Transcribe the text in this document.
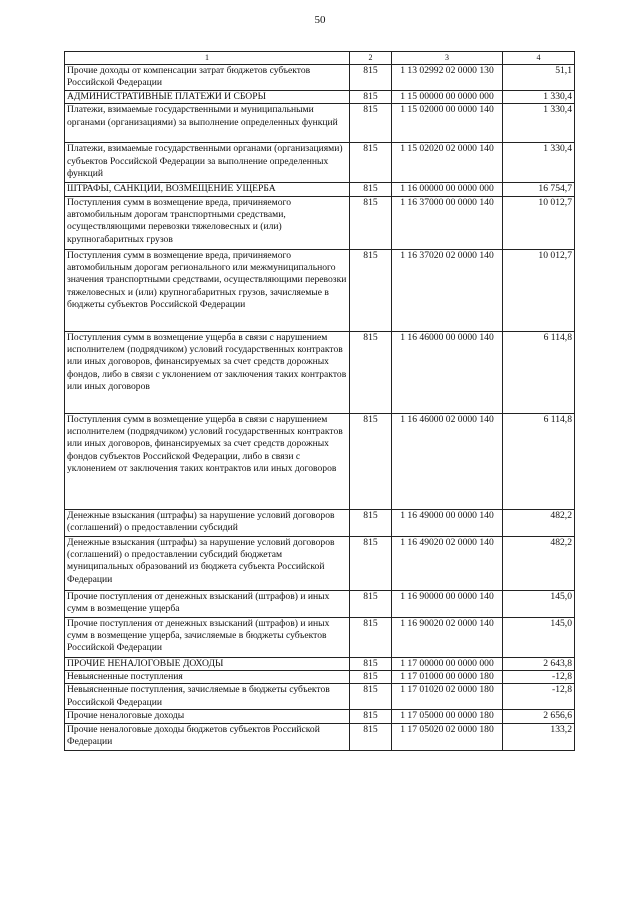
50
1	2	3	4
Прочие доходы от компенсации затрат бюджетов субъектов Российской Федерации	815	1 13 02992 02 0000 130	51,1
АДМИНИСТРАТИВНЫЕ ПЛАТЕЖИ И СБОРЫ	815	1 15 00000 00 0000 000	1 330,4
Платежи, взимаемые государственными и муниципальными органами (организациями) за выполнение определенных функций	815	1 15 02000 00 0000 140	1 330,4
Платежи, взимаемые государственными органами (организациями) субъектов Российской Федерации за выполнение определенных функций	815	1 15 02020 02 0000 140	1 330,4
ШТРАФЫ, САНКЦИИ, ВОЗМЕЩЕНИЕ УЩЕРБА	815	1 16 00000 00 0000 000	16 754,7
Поступления сумм в возмещение вреда, причиняемого автомобильным дорогам транспортными средствами, осуществляющими перевозки тяжеловесных и (или) крупногабаритных грузов	815	1 16 37000 00 0000 140	10 012,7
Поступления сумм в возмещение вреда, причиняемого автомобильным дорогам регионального или межмуниципального значения транспортными средствами, осуществляющими перевозки тяжеловесных и (или) крупногабаритных грузов, зачисляемые в бюджеты субъектов Российской Федерации	815	1 16 37020 02 0000 140	10 012,7
Поступления сумм в возмещение ущерба в связи с нарушением исполнителем (подрядчиком) условий государственных контрактов или иных договоров, финансируемых за счет средств дорожных фондов, либо в связи с уклонением от заключения таких контрактов или иных договоров	815	1 16 46000 00 0000 140	6 114,8
Поступления сумм в возмещение ущерба в связи с нарушением исполнителем (подрядчиком) условий государственных контрактов или иных договоров, финансируемых за счет средств дорожных фондов субъектов Российской Федерации, либо в связи с уклонением от заключения таких контрактов или иных договоров	815	1 16 46000 02 0000 140	6 114,8
Денежные взыскания (штрафы) за нарушение условий договоров (соглашений) о предоставлении субсидий	815	1 16 49000 00 0000 140	482,2
Денежные взыскания (штрафы) за нарушение условий договоров (соглашений) о предоставлении субсидий бюджетам муниципальных образований из бюджета субъекта Российской Федерации	815	1 16 49020 02 0000 140	482,2
Прочие поступления от денежных взысканий (штрафов) и иных сумм в возмещение ущерба	815	1 16 90000 00 0000 140	145,0
Прочие поступления от денежных взысканий (штрафов) и иных сумм в возмещение ущерба, зачисляемые в бюджеты субъектов Российской Федерации	815	1 16 90020 02 0000 140	145,0
ПРОЧИЕ НЕНАЛОГОВЫЕ ДОХОДЫ	815	1 17 00000 00 0000 000	2 643,8
Невыясненные поступления	815	1 17 01000 00 0000 180	-12,8
Невыясненные поступления, зачисляемые в бюджеты субъектов Российской Федерации	815	1 17 01020 02 0000 180	-12,8
Прочие неналоговые доходы	815	1 17 05000 00 0000 180	2 656,6
Прочие неналоговые доходы бюджетов субъектов Российской Федерации	815	1 17 05020 02 0000 180	133,2
